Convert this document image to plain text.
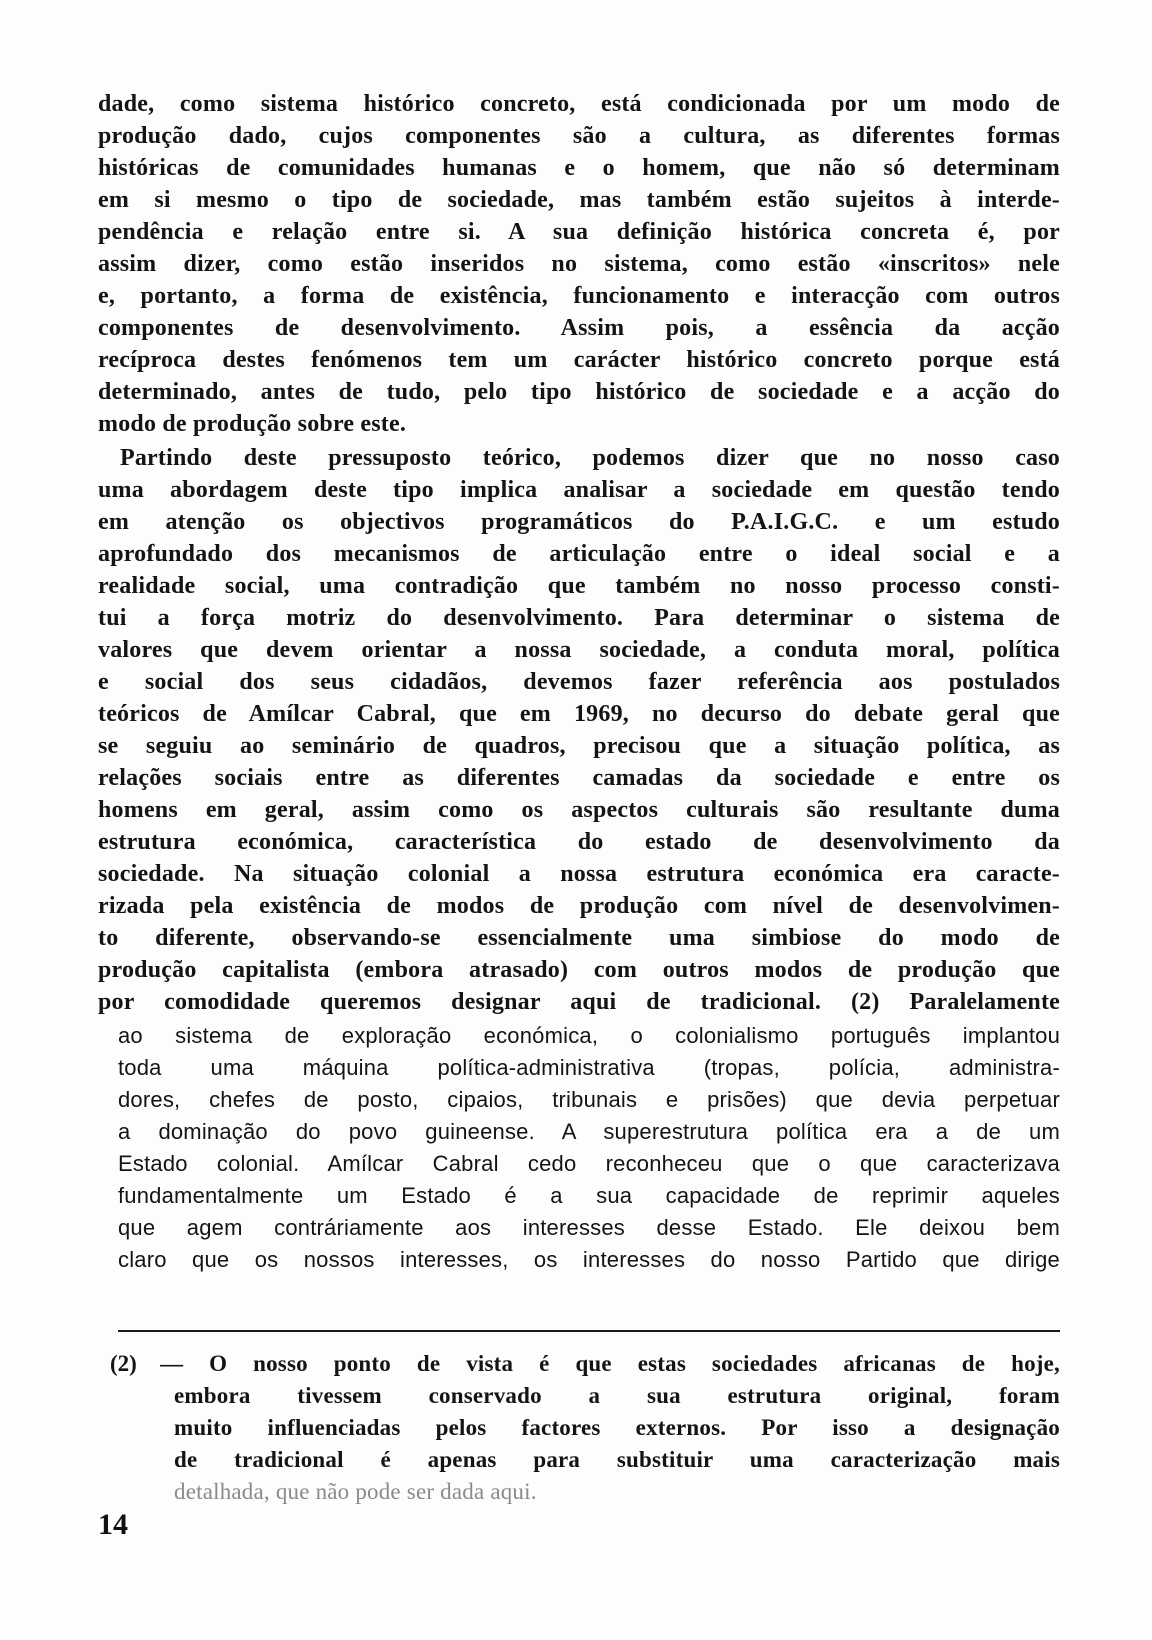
dade, como sistema histórico concreto, está condicionada por um modo de
produção dado, cujos componentes são a cultura, as diferentes formas
históricas de comunidades humanas e o homem, que não só determinam
em si mesmo o tipo de sociedade, mas também estão sujeitos à interde-
pendência e relação entre si. A sua definição histórica concreta é, por
assim dizer, como estão inseridos no sistema, como estão «inscritos» nele
e, portanto, a forma de existência, funcionamento e interacção com outros
componentes de desenvolvimento. Assim pois, a essência da acção
recíproca destes fenómenos tem um carácter histórico concreto porque está
determinado, antes de tudo, pelo tipo histórico de sociedade e a acção do
modo de produção sobre este.
Partindo deste pressuposto teórico, podemos dizer que no nosso caso
uma abordagem deste tipo implica analisar a sociedade em questão tendo
em atenção os objectivos programáticos do P.A.I.G.C. e um estudo
aprofundado dos mecanismos de articulação entre o ideal social e a
realidade social, uma contradição que também no nosso processo consti-
tui a força motriz do desenvolvimento. Para determinar o sistema de
valores que devem orientar a nossa sociedade, a conduta moral, política
e social dos seus cidadãos, devemos fazer referência aos postulados
teóricos de Amílcar Cabral, que em 1969, no decurso do debate geral que
se seguiu ao seminário de quadros, precisou que a situação política, as
relações sociais entre as diferentes camadas da sociedade e entre os
homens em geral, assim como os aspectos culturais são resultante duma
estrutura económica, característica do estado de desenvolvimento da
sociedade. Na situação colonial a nossa estrutura económica era caracte-
rizada pela existência de modos de produção com nível de desenvolvimen-
to diferente, observando-se essencialmente uma simbiose do modo de
produção capitalista (embora atrasado) com outros modos de produção que
por comodidade queremos designar aqui de tradicional. (2) Paralelamente
ao sistema de exploração económica, o colonialismo português implantou
toda uma máquina política-administrativa (tropas, polícia, administra-
dores, chefes de posto, cipaios, tribunais e prisões) que devia perpetuar
a dominação do povo guineense. A superestrutura política era a de um
Estado colonial. Amílcar Cabral cedo reconheceu que o que caracterizava
fundamentalmente um Estado é a sua capacidade de reprimir aqueles
que agem contráriamente aos interesses desse Estado. Ele deixou bem
claro que os nossos interesses, os interesses do nosso Partido que dirige
(2)	— O nosso ponto de vista é que estas sociedades africanas de hoje,
embora tivessem conservado a sua estrutura original, foram
muito influenciadas pelos factores externos. Por isso a designação
de tradicional é apenas para substituir uma caracterização mais
detalhada, que não pode ser dada aqui.
14
